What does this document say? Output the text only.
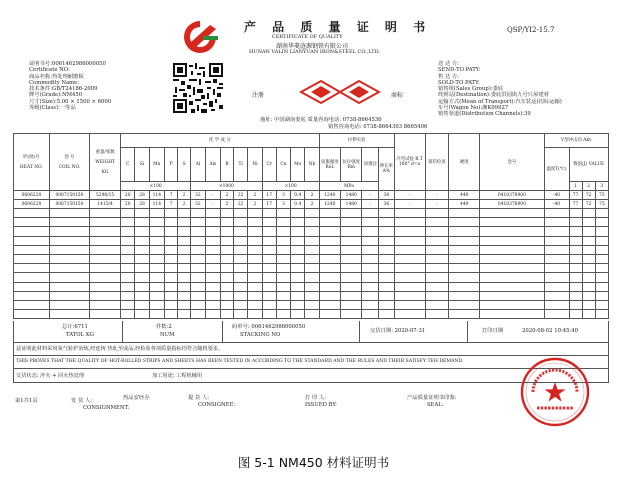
产 品 质 量 证 明 书
CERTIFICATE OF QUALITY
湖南华菱涟源钢铁有限公司
HUNAN VALIN LIANYUAN IRON&STEEL CO.,LTD.
QSP/YI2-15.7
证明书号:0061462986000050
Certificate NO:
商品名称:热处理耐磨板
Commodity Name:
技术条件:GB/T24186-2009
牌号(Grade):NM450
尺寸(Size):5.00 × 1500 × 6000
等级(Class):一等品
注册	商标
送 达 方:
SEND-TO PATY:
售 达 方:
SOLD-TO PATY:
销售组(Sales Group):娄底
终到站(Destination):娄底洪园街九号只屋建材
运输方式(Mean of Transport):汽车装运(招标运输)
车号(Wagon No):湘K09927
销售渠道(Distribution Channels):39
地址: 中国湖南娄底 质量咨询电话: 0738-8664536
销售咨询电话: 0738-8664303 8665406
炉(批)号

HEAT NO.	卷 号

COIL NO.	重量/张数

WEIGHT

KG	化 学 成 分														拉伸实验				冷弯试验 B.T 180° d=a	探伤检查	硬度	卷号	V型冲击功 Akv			
			C	Si	Mn	P	S	Al	Als	B	Ti	Ni	Cr	Cu	Mo	Nb	屈服强度ReL	抗拉强度Rm	屈强比	伸长率A%					温度T(℃)	数值(J) VALUE		
			×100					×1000					×100				MPa									1	2	3
0606228	0087150150	5296/15	20	28	114	7	2	32	-	2	22	2	17	3	0.4	2	1240	1480	-	36	-	-	449	0410378900	-40	77	72	75
0606228	0087150150	1415/4	20	28	114	7	2	32	-	2	22	2	17	3	0.4	2	1240	1480	-	36	-	-	449	0410378900	-40	77	72	75

总计:6711
TATOL KG
件数:2
NUM
码单号: 0061462986000050
STACKING NO
交货日期: 2020-07-31	打印日期	2020-08-02 10:45:40
兹证明此材料采用氧气转炉冶炼,经连铸 热轧至成品,经检验各项质量指标均符合随机要求。
THIS PROVES THAT THE QUALITY OF HOT-ROLLED STRIPS AND SHEETS HAS BEEN TESTED IN ACCORDING TO THE STANDARD AND THE RULES AND THEIR SATISFY TEH DEMAND.
交货状态: 淬火 + 回火热处理	加工用途: 工程机械用
第1共1页	发 货 人:
CONSIGNMENT:
热品安经办	提 货 人:
CONSIGNEE:
打 印 人:
ISSUED BY:
产品质量证明书印鉴:
SEAL:
图 5-1 NM450 材料证明书
